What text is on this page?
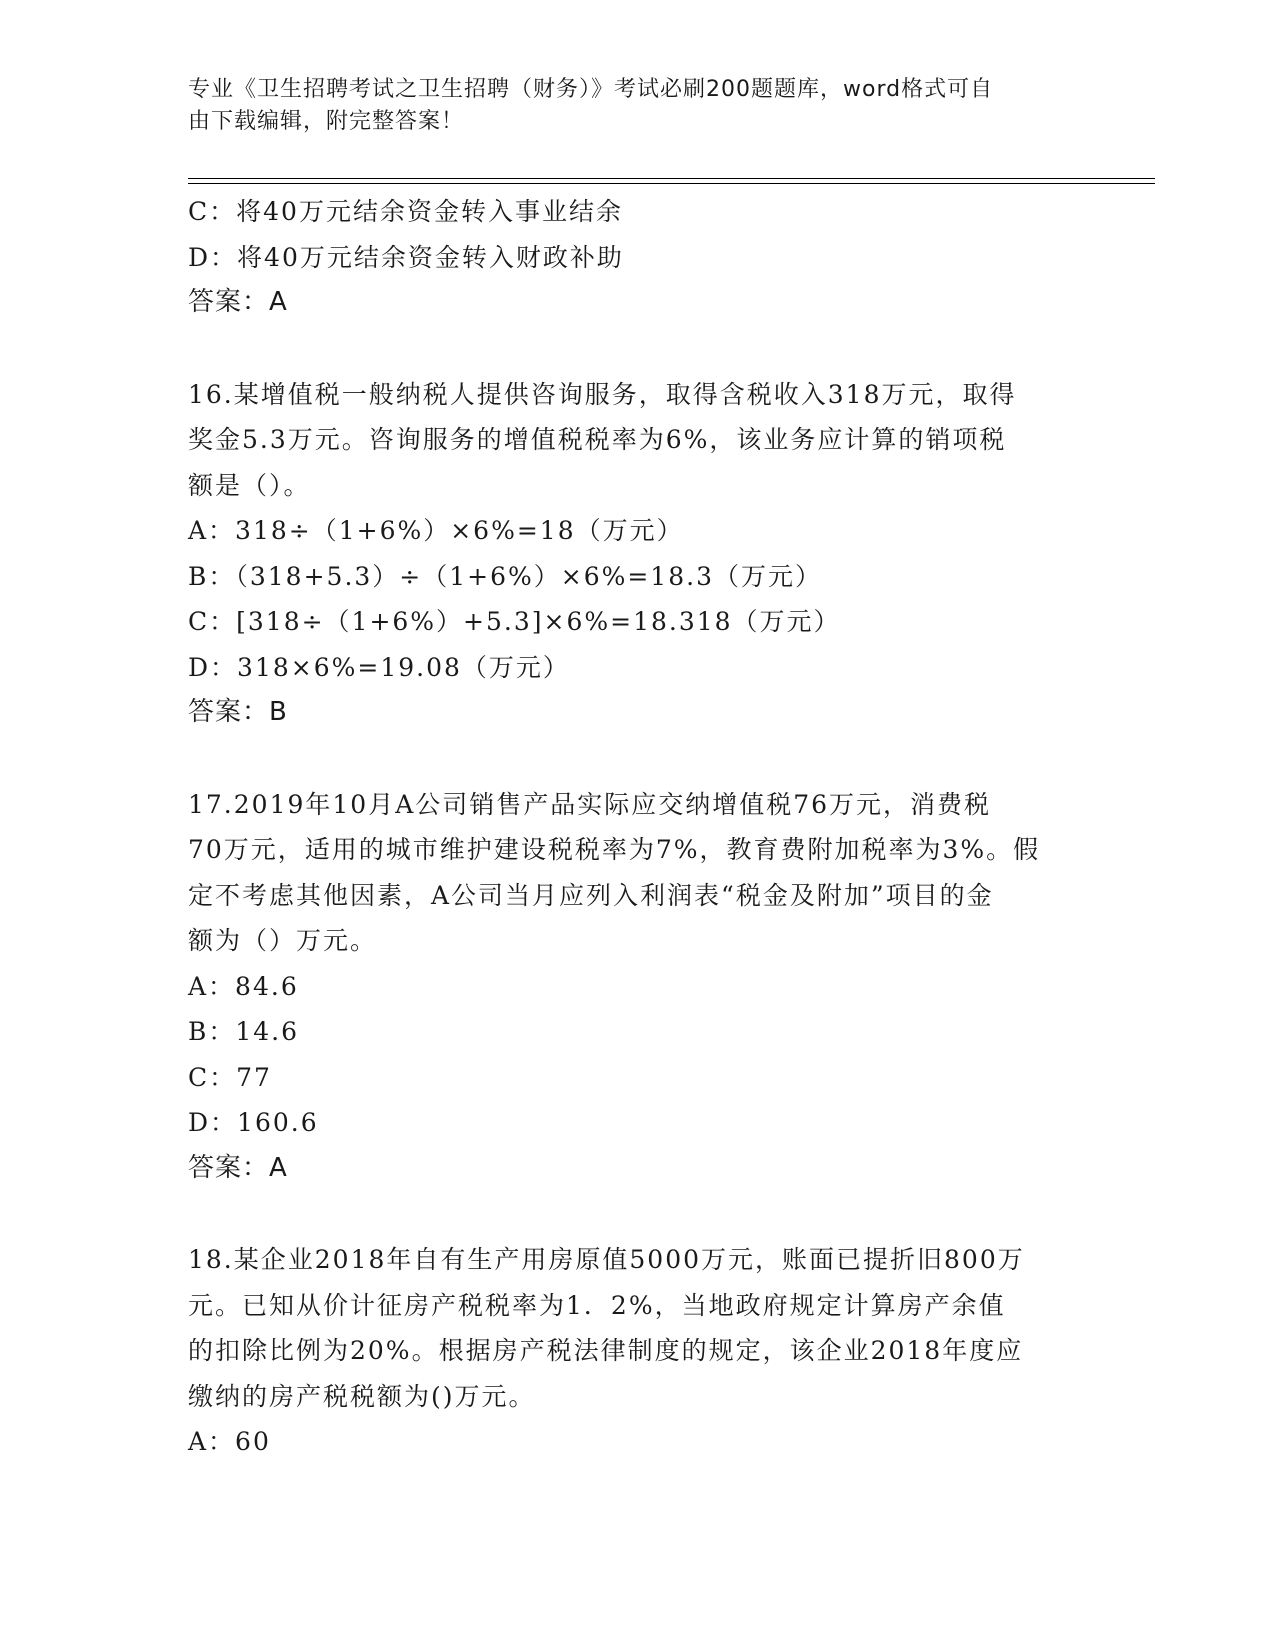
专业《卫生招聘考试之卫生招聘（财务）》考试必刷200题题库，word格式可自
由下载编辑，附完整答案！
C：将40万元结余资金转入事业结余
D：将40万元结余资金转入财政补助
答案：A
16.某增值税一般纳税人提供咨询服务，取得含税收入318万元，取得
奖金5.3万元。咨询服务的增值税税率为6%，该业务应计算的销项税
额是（）。
A：318÷（1+6%）×6%=18（万元）
B：（318+5.3）÷（1+6%）×6%=18.3（万元）
C：[318÷（1+6%）+5.3]×6%=18.318（万元）
D：318×6%=19.08（万元）
答案：B
17.2019年10月A公司销售产品实际应交纳增值税76万元，消费税
70万元，适用的城市维护建设税税率为7%，教育费附加税率为3%。假
定不考虑其他因素，A公司当月应列入利润表“税金及附加”项目的金
额为（）万元。
A：84.6
B：14.6
C：77
D：160.6
答案：A
18.某企业2018年自有生产用房原值5000万元，账面已提折旧800万
元。已知从价计征房产税税率为1．2%，当地政府规定计算房产余值
的扣除比例为20%。根据房产税法律制度的规定，该企业2018年度应
缴纳的房产税税额为()万元。
A：60
